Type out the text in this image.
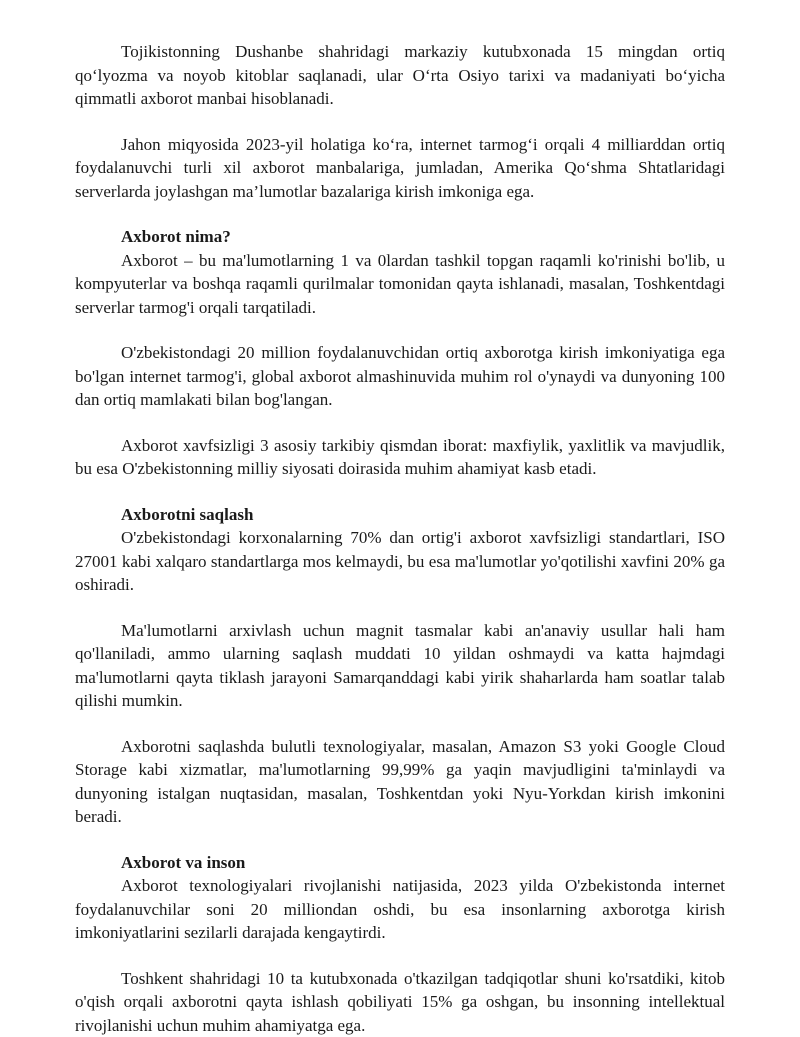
Tojikistonning Dushanbe shahridagi markaziy kutubxonada 15 mingdan ortiq qo‘lyozma va noyob kitoblar saqlanadi, ular O‘rta Osiyo tarixi va madaniyati bo‘yicha qimmatli axborot manbai hisoblanadi.

Jahon miqyosida 2023-yil holatiga ko‘ra, internet tarmog‘i orqali 4 milliarddan ortiq foydalanuvchi turli xil axborot manbalariga, jumladan, Amerika Qo‘shma Shtatlaridagi serverlarda joylashgan ma’lumotlar bazalariga kirish imkoniga ega.

Axborot nima?

Axborot – bu ma'lumotlarning 1 va 0lardan tashkil topgan raqamli ko'rinishi bo'lib, u kompyuterlar va boshqa raqamli qurilmalar tomonidan qayta ishlanadi, masalan, Toshkentdagi serverlar tarmog'i orqali tarqatiladi.

O'zbekistondagi 20 million foydalanuvchidan ortiq axborotga kirish imkoniyatiga ega bo'lgan internet tarmog'i, global axborot almashinuvida muhim rol o'ynaydi va dunyoning 100 dan ortiq mamlakati bilan bog'langan.

Axborot xavfsizligi 3 asosiy tarkibiy qismdan iborat: maxfiylik, yaxlitlik va mavjudlik, bu esa O'zbekistonning milliy siyosati doirasida muhim ahamiyat kasb etadi.

Axborotni saqlash

O'zbekistondagi korxonalarning 70% dan ortig'i axborot xavfsizligi standartlari, ISO 27001 kabi xalqaro standartlarga mos kelmaydi, bu esa ma'lumotlar yo'qotilishi xavfini 20% ga oshiradi.

Ma'lumotlarni arxivlash uchun magnit tasmalar kabi an'anaviy usullar hali ham qo'llaniladi, ammo ularning saqlash muddati 10 yildan oshmaydi va katta hajmdagi ma'lumotlarni qayta tiklash jarayoni Samarqanddagi kabi yirik shaharlarda ham soatlar talab qilishi mumkin.

Axborotni saqlashda bulutli texnologiyalar, masalan, Amazon S3 yoki Google Cloud Storage kabi xizmatlar, ma'lumotlarning 99,99% ga yaqin mavjudligini ta'minlaydi va dunyoning istalgan nuqtasidan, masalan, Toshkentdan yoki Nyu-Yorkdan kirish imkonini beradi.

Axborot va inson

Axborot texnologiyalari rivojlanishi natijasida, 2023 yilda O'zbekistonda internet foydalanuvchilar soni 20 milliondan oshdi, bu esa insonlarning axborotga kirish imkoniyatlarini sezilarli darajada kengaytirdi.

Toshkent shahridagi 10 ta kutubxonada o'tkazilgan tadqiqotlar shuni ko'rsatdiki, kitob o'qish orqali axborotni qayta ishlash qobiliyati 15% ga oshgan, bu insonning intellektual rivojlanishi uchun muhim ahamiyatga ega.
